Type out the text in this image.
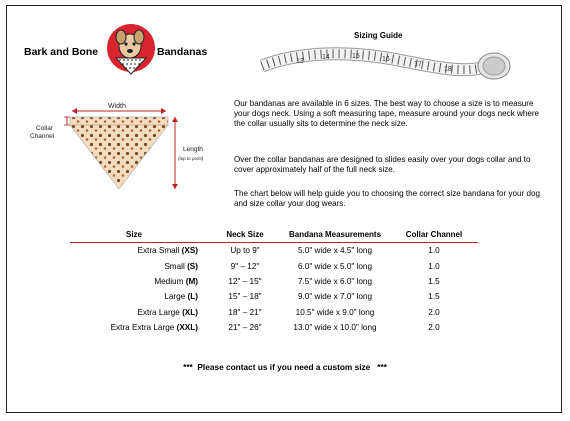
Bark and Bone	Bandanas
Sizing Guide
13
14	15	16
17
18
Width
Collar
Channel
Length
(top to point)
Our bandanas are available in 6 sizes. The best way to choose a size is to measure your dogs neck. Using a soft measuring tape, measure around your dogs neck where the collar usually sits to determine the neck size.
Over the collar bandanas are designed to slides easily over your dogs collar and to cover approximately half of the full neck size.
The chart below will help guide you to choosing the correct size bandana for your dog and size collar your dog wears.
Size	Neck Size	Bandana Measurements	Collar Channel
Extra Small (XS)	Up to 9"	5.0" wide x 4.5" long	1.0
Small (S)	9" – 12"	6.0" wide x 5.0" long	1.0
Medium (M)	12" – 15"	7.5" wide x 6.0" long	1.5
Large (L)	15" – 18"	9.0" wide x 7.0" long	1.5
Extra Large (XL)	18" – 21"	10.5" wide x 9.0" long	2.0
Extra Extra Large (XXL)	21" – 26"	13.0" wide x 10.0" long	2.0
***  Please contact us if you need a custom size   ***
